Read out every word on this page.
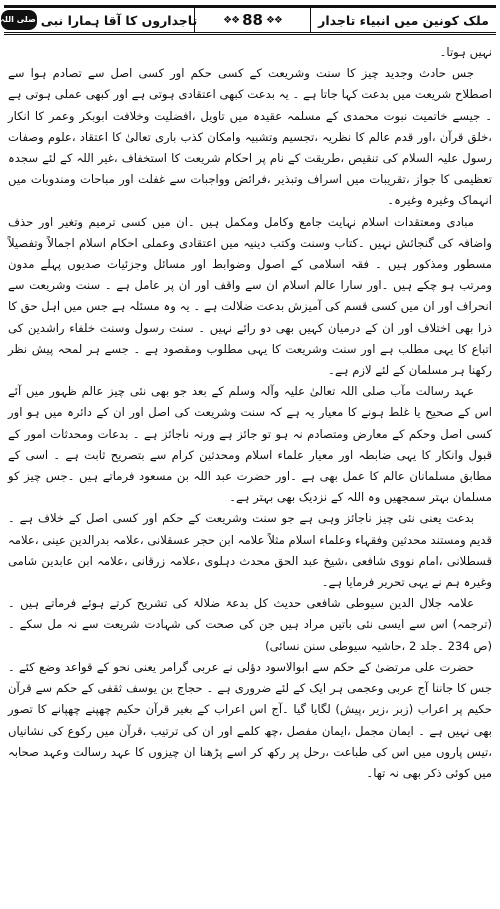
ملک کونین میں انبیاء تاجدار
❖❖ 88 ❖❖
تاجداروں کا آقا ہمارا نبی
صلی اللہ

نہیں ہوتا۔

جس حادث وجدید چیز کا سنت وشریعت کے کسی حکم اور کسی اصل سے تصادم ہوا سے اصطلاح شریعت میں بدعت کہا جاتا ہے ۔ یہ بدعت کبھی اعتقادی ہوتی ہے اور کبھی عملی ہوتی ہے ۔ جیسے خاتمیت نبوت محمدی کے مسلمہ عقیدہ میں تاویل ،افضلیت وخلافت ابوبکر وعمر کا انکار ،خلق قرآن ،اور قدم عالم کا نظریہ ،تجسیم وتشبیہ وامکان کذب باری تعالیٰ کا اعتقاد ،علوم وصفات رسول علیہ السلام کی تنقیص ،طریقت کے نام پر احکام شریعت کا استخفاف ،غیر اللہ کے لئے سجدہ تعظیمی کا جواز ،تقریبات میں اسراف وتبذیر ،فرائض وواجبات سے غفلت اور مباحات ومندوبات میں انہماک وغیرہ وغیرہ۔

مبادی ومعتقدات اسلام نہایت جامع وکامل ومکمل ہیں ۔ان میں کسی ترمیم وتغیر اور حذف واضافہ کی گنجائش نہیں ۔کتاب وسنت وکتب دینیہ میں اعتقادی وعملی احکام اسلام اجمالاً وتفصیلاً مسطور ومذکور ہیں ۔ فقہ اسلامی کے اصول وضوابط اور مسائل وجزئیات صدیوں پہلے مدون ومرتب ہو چکے ہیں ۔اور سارا عالم اسلام ان سے واقف اور ان پر عامل ہے ۔ سنت وشریعت سے انحراف اور ان میں کسی قسم کی آمیزش بدعت ضلالت ہے ۔ یہ وہ مسئلہ ہے جس میں اہل حق کا ذرا بھی اختلاف اور ان کے درمیان کہیں بھی دو رائے نہیں ۔ سنت رسول وسنت خلفاء راشدین کی اتباع کا یہی مطلب ہے اور سنت وشریعت کا یہی مطلوب ومقصود ہے ۔ جسے ہر لمحہ پیش نظر رکھنا ہر مسلمان کے لئے لازم ہے۔

عہد رسالت مآب صلی اللہ تعالیٰ علیہ وآلہ وسلم کے بعد جو بھی نئی چیز عالم ظہور میں آئے اس کے صحیح یا غلط ہونے کا معیار یہ ہے کہ سنت وشریعت کی اصل اور ان کے دائرہ میں ہو اور کسی اصل وحکم کے معارض ومتصادم نہ ہو تو جائز ہے ورنہ ناجائز ہے ۔ بدعات ومحدثات امور کے قبول وانکار کا یہی ضابطہ اور معیار علماء اسلام ومحدثین کرام سے بتصریح ثابت ہے ۔ اسی کے مطابق مسلمانان عالم کا عمل بھی ہے ۔اور حضرت عبد اللہ بن مسعود فرماتے ہیں ۔جس چیز کو مسلمان بہتر سمجھیں وہ اللہ کے نزدیک بھی بہتر ہے۔

بدعت یعنی نئی چیز ناجائز وہی ہے جو سنت وشریعت کے حکم اور کسی اصل کے خلاف ہے ۔قدیم ومستند محدثین وفقہاء وعلماء اسلام مثلاً علامہ ابن حجر عسقلانی ،علامہ بدرالدین عینی ،علامہ قسطلانی ،امام نووی شافعی ،شیخ عبد الحق محدث دہلوی ،علامہ زرقانی ،علامہ ابن عابدین شامی وغیرہ ہم نے یہی تحریر فرمایا ہے۔

علامہ جلال الدین سیوطی شافعی حدیث کل بدعۃ ضلالۃ کی تشریح کرتے ہوئے فرماتے ہیں ۔(ترجمہ) اس سے ایسی نئی باتیں مراد ہیں جن کی صحت کی شہادت شریعت سے نہ مل سکے ۔ (ص 234 ۔جلد 2 ،حاشیہ سیوطی سنن نسائی)

حضرت علی مرتضیٰ کے حکم سے ابوالاسود دؤلی نے عربی گرامر یعنی نحو کے قواعد وضع کئے ۔جس کا جاننا آج عربی وعجمی ہر ایک کے لئے ضروری ہے ۔ حجاج بن یوسف ثقفی کے حکم سے قرآن حکیم پر اعراب (زبر ،زیر ،پیش) لگایا گیا ۔آج اس اعراب کے بغیر قرآن حکیم چھپنے چھپانے کا تصور بھی نہیں ہے ۔ ایمان مجمل ،ایمان مفصل ،چھ کلمے اور ان کی ترتیب ،قرآن میں رکوع کی نشانیاں ،تیس پاروں میں اس کی طباعت ،رحل پر رکھ کر اسے پڑھنا ان چیزوں کا عہد رسالت وعہد صحابہ میں کوئی ذکر بھی نہ تھا۔
